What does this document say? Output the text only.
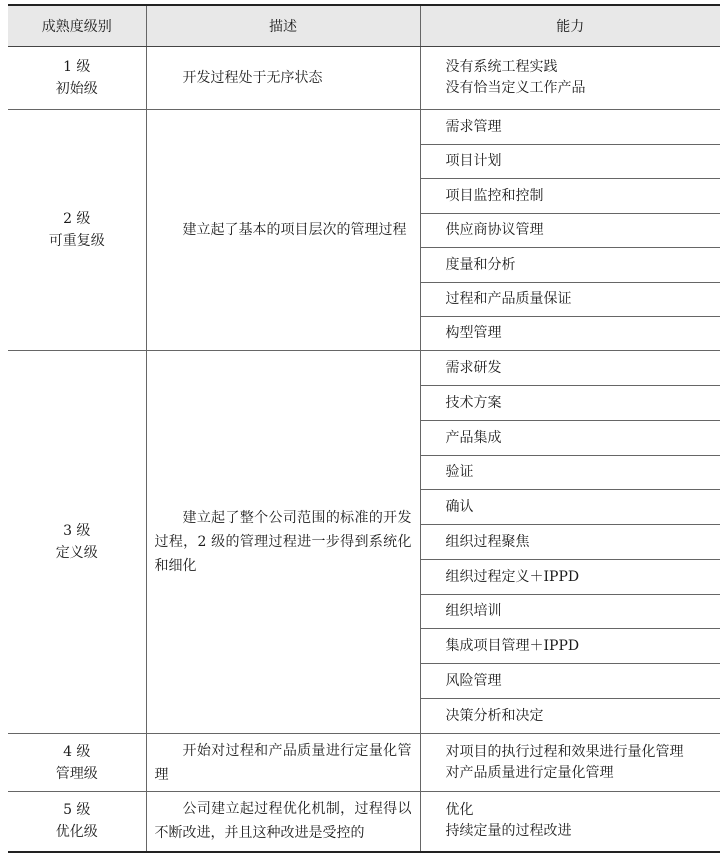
成熟度级别	描述	能力

1 级
初始级	开发过程处于无序状态	没有系统工程实践
没有恰当定义工作产品

2 级
可重复级	建立起了基本的项目层次的管理过程	需求管理
		项目计划
		项目监控和控制
		供应商协议管理
		度量和分析
		过程和产品质量保证
		构型管理

3 级
定义级	建立起了整个公司范围的标准的开发过程，2 级的管理过程进一步得到系统化和细化	需求研发
		技术方案
		产品集成
		验证
		确认
		组织过程聚焦
		组织过程定义＋IPPD
		组织培训
		集成项目管理＋IPPD
		风险管理
		决策分析和决定

4 级
管理级	开始对过程和产品质量进行定量化管理	对项目的执行过程和效果进行量化管理
对产品质量进行定量化管理

5 级
优化级	公司建立起过程优化机制，过程得以不断改进，并且这种改进是受控的	优化
持续定量的过程改进
